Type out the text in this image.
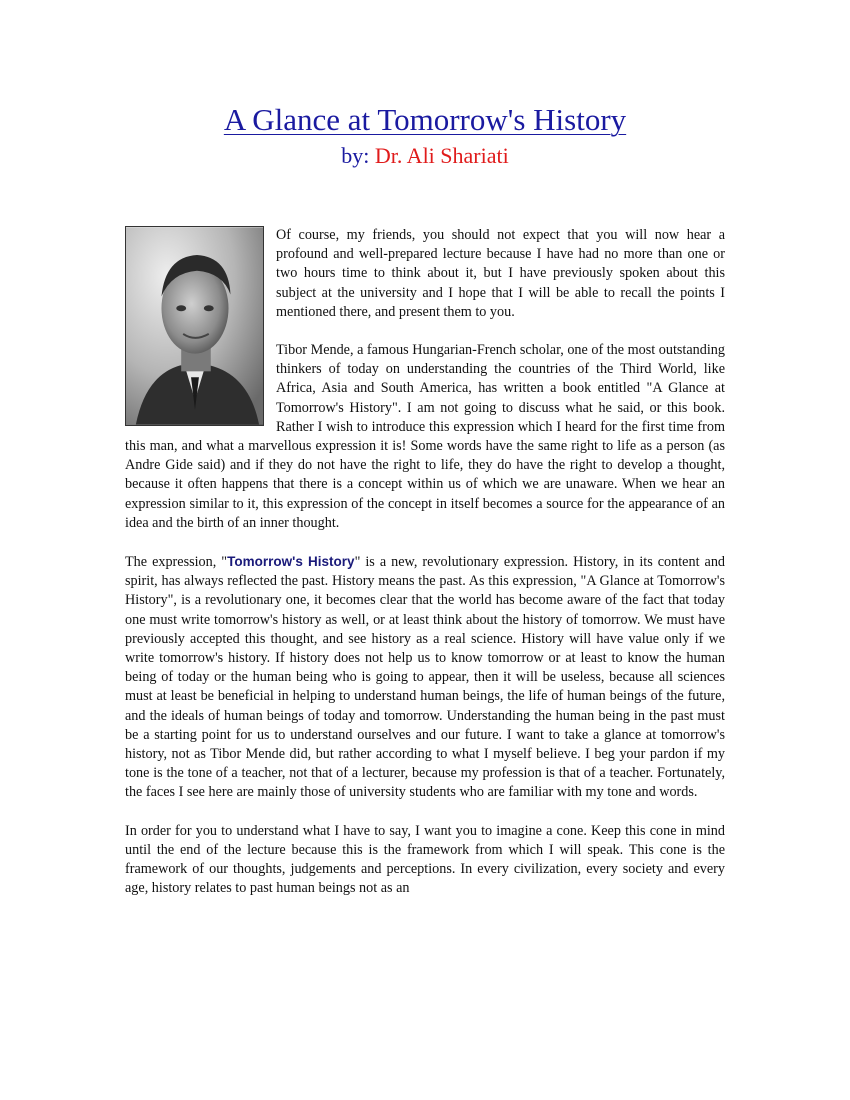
A Glance at Tomorrow's History
by: Dr. Ali Shariati

Of course, my friends, you should not expect that you will now hear a profound and well-prepared lecture because I have had no more than one or two hours time to think about it, but I have previously spoken about this subject at the university and I hope that I will be able to recall the points I mentioned there, and present them to you.

Tibor Mende, a famous Hungarian-French scholar, one of the most outstanding thinkers of today on understanding the countries of the Third World, like Africa, Asia and South America, has written a book entitled "A Glance at Tomorrow's History". I am not going to discuss what he said, or this book. Rather I wish to introduce this expression which I heard for the first time from this man, and what a marvellous expression it is! Some words have the same right to life as a person (as Andre Gide said) and if they do not have the right to life, they do have the right to develop a thought, because it often happens that there is a concept within us of which we are unaware. When we hear an expression similar to it, this expression of the concept in itself becomes a source for the appearance of an idea and the birth of an inner thought.

The expression, "Tomorrow's History" is a new, revolutionary expression. History, in its content and spirit, has always reflected the past. History means the past. As this expression, "A Glance at Tomorrow's History", is a revolutionary one, it becomes clear that the world has become aware of the fact that today one must write tomorrow's history as well, or at least think about the history of tomorrow. We must have previously accepted this thought, and see history as a real science. History will have value only if we write tomorrow's history. If history does not help us to know tomorrow or at least to know the human being of today or the human being who is going to appear, then it will be useless, because all sciences must at least be beneficial in helping to understand human beings, the life of human beings of the future, and the ideals of human beings of today and tomorrow. Understanding the human being in the past must be a starting point for us to understand ourselves and our future. I want to take a glance at tomorrow's history, not as Tibor Mende did, but rather according to what I myself believe. I beg your pardon if my tone is the tone of a teacher, not that of a lecturer, because my profession is that of a teacher. Fortunately, the faces I see here are mainly those of university students who are familiar with my tone and words.

In order for you to understand what I have to say, I want you to imagine a cone. Keep this cone in mind until the end of the lecture because this is the framework from which I will speak. This cone is the framework of our thoughts, judgements and perceptions. In every civilization, every society and every age, history relates to past human beings not as an
